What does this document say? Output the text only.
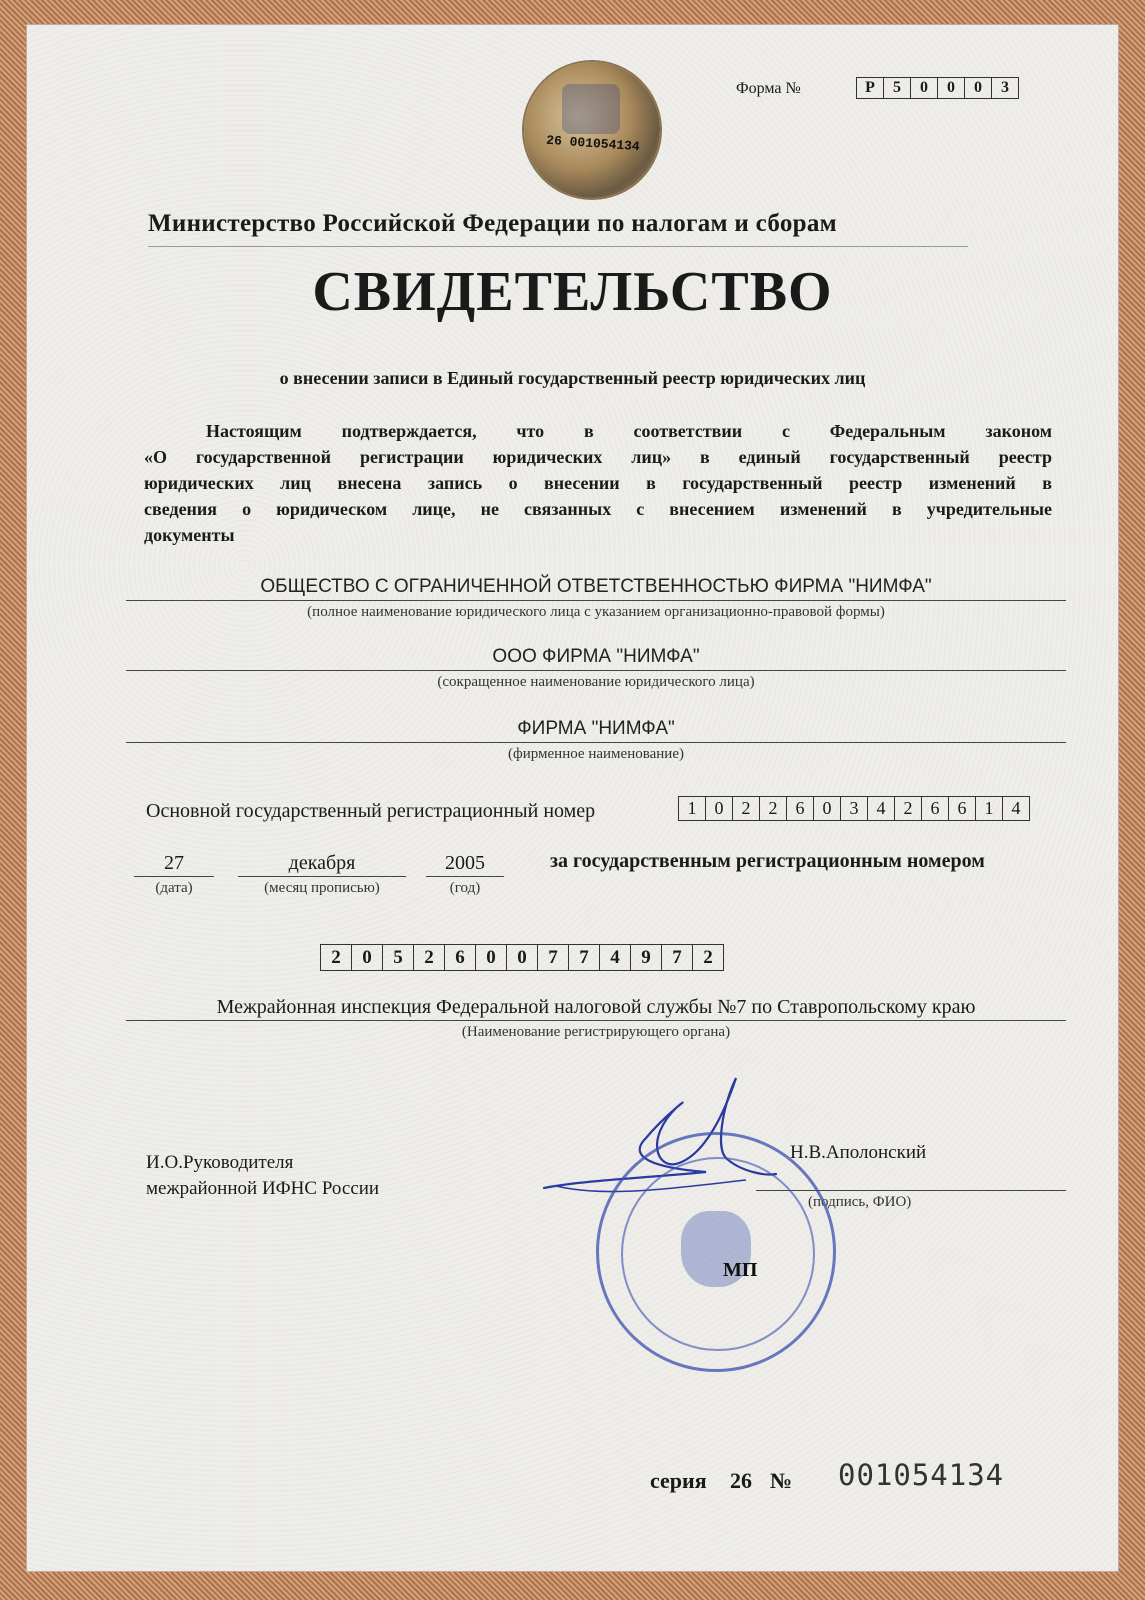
26 001054134
Форма №	Р	5	0	0	0	3
Министерство Российской Федерации по налогам и сборам
СВИДЕТЕЛЬСТВО
о внесении записи в Единый государственный реестр юридических лиц
Настоящим подтверждается, что в соответствии с Федеральным законом
«О государственной регистрации юридических лиц» в единый государственный реестр
юридических лиц внесена запись о внесении в государственный реестр изменений в
сведения о юридическом лице, не связанных с внесением изменений в учредительные
документы
ОБЩЕСТВО С ОГРАНИЧЕННОЙ ОТВЕТСТВЕННОСТЬЮ ФИРМА "НИМФА"
(полное наименование юридического лица с указанием организационно-правовой формы)
ООО ФИРМА "НИМФА"
(сокращенное наименование юридического лица)
ФИРМА "НИМФА"
(фирменное наименование)
Основной государственный регистрационный номер	1	0	2	2	6	0	3	4	2	6	6	1	4
27
(дата)
декабря
(месяц прописью)
2005
(год)
за государственным регистрационным номером
2	0	5	2	6	0	0	7	7	4	9	7	2
Межрайонная инспекция Федеральной налоговой службы №7 по Ставропольскому краю
(Наименование регистрирующего органа)
И.О.Руководителя
межрайонной ИФНС России
Н.В.Аполонский
(подпись, ФИО)
МП
серия 26 № 001054134
